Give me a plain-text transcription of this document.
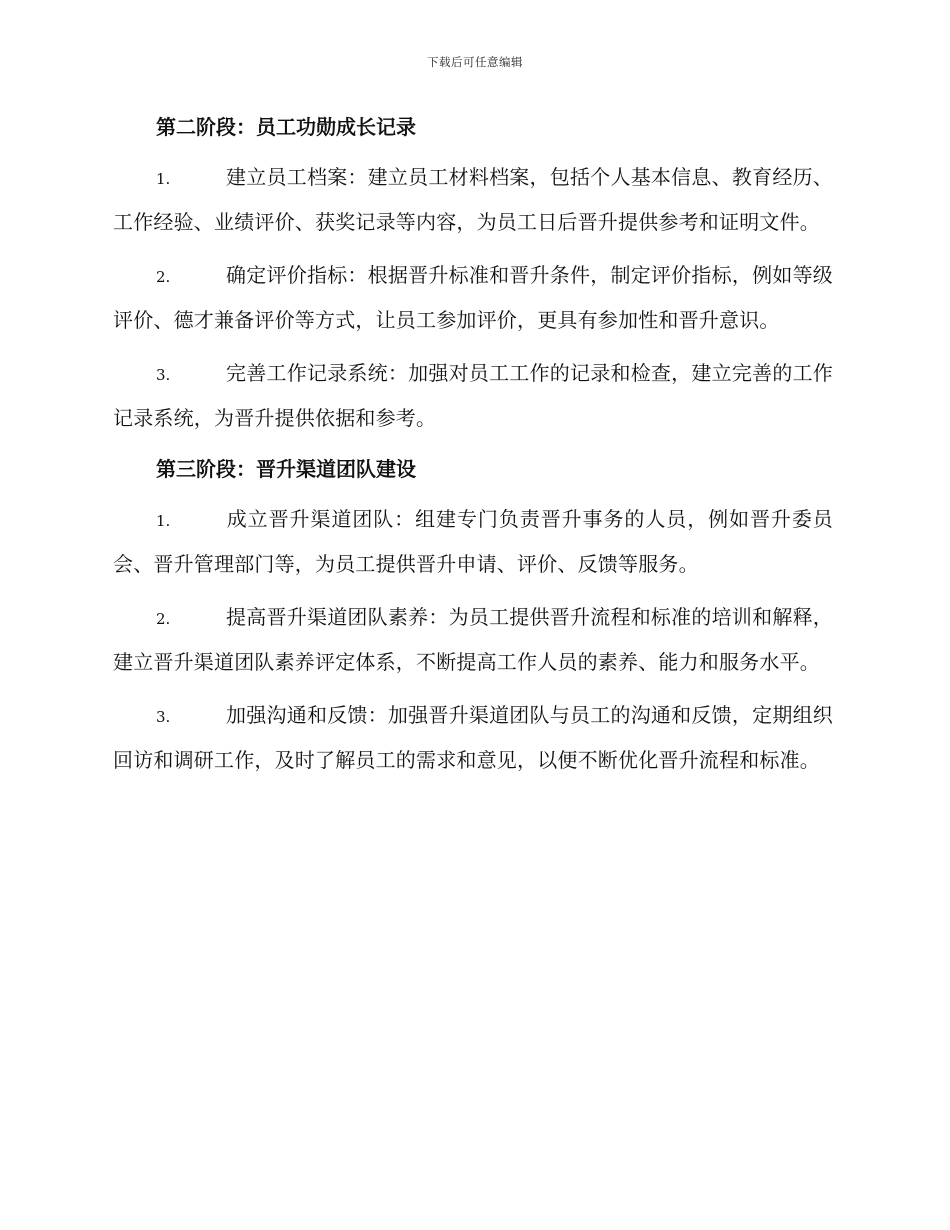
下载后可任意编辑
第二阶段：员工功勋成长记录

1.	建立员工档案：建立员工材料档案，包括个人基本信息、教育经历、工作经验、业绩评价、获奖记录等内容，为员工日后晋升提供参考和证明文件。

2.	确定评价指标：根据晋升标准和晋升条件，制定评价指标，例如等级评价、德才兼备评价等方式，让员工参加评价，更具有参加性和晋升意识。

3.	完善工作记录系统：加强对员工工作的记录和检查，建立完善的工作记录系统，为晋升提供依据和参考。

第三阶段：晋升渠道团队建设

1.	成立晋升渠道团队：组建专门负责晋升事务的人员，例如晋升委员会、晋升管理部门等，为员工提供晋升申请、评价、反馈等服务。

2.	提高晋升渠道团队素养：为员工提供晋升流程和标准的培训和解释，建立晋升渠道团队素养评定体系，不断提高工作人员的素养、能力和服务水平。

3.	加强沟通和反馈：加强晋升渠道团队与员工的沟通和反馈，定期组织回访和调研工作，及时了解员工的需求和意见，以便不断优化晋升流程和标准。
